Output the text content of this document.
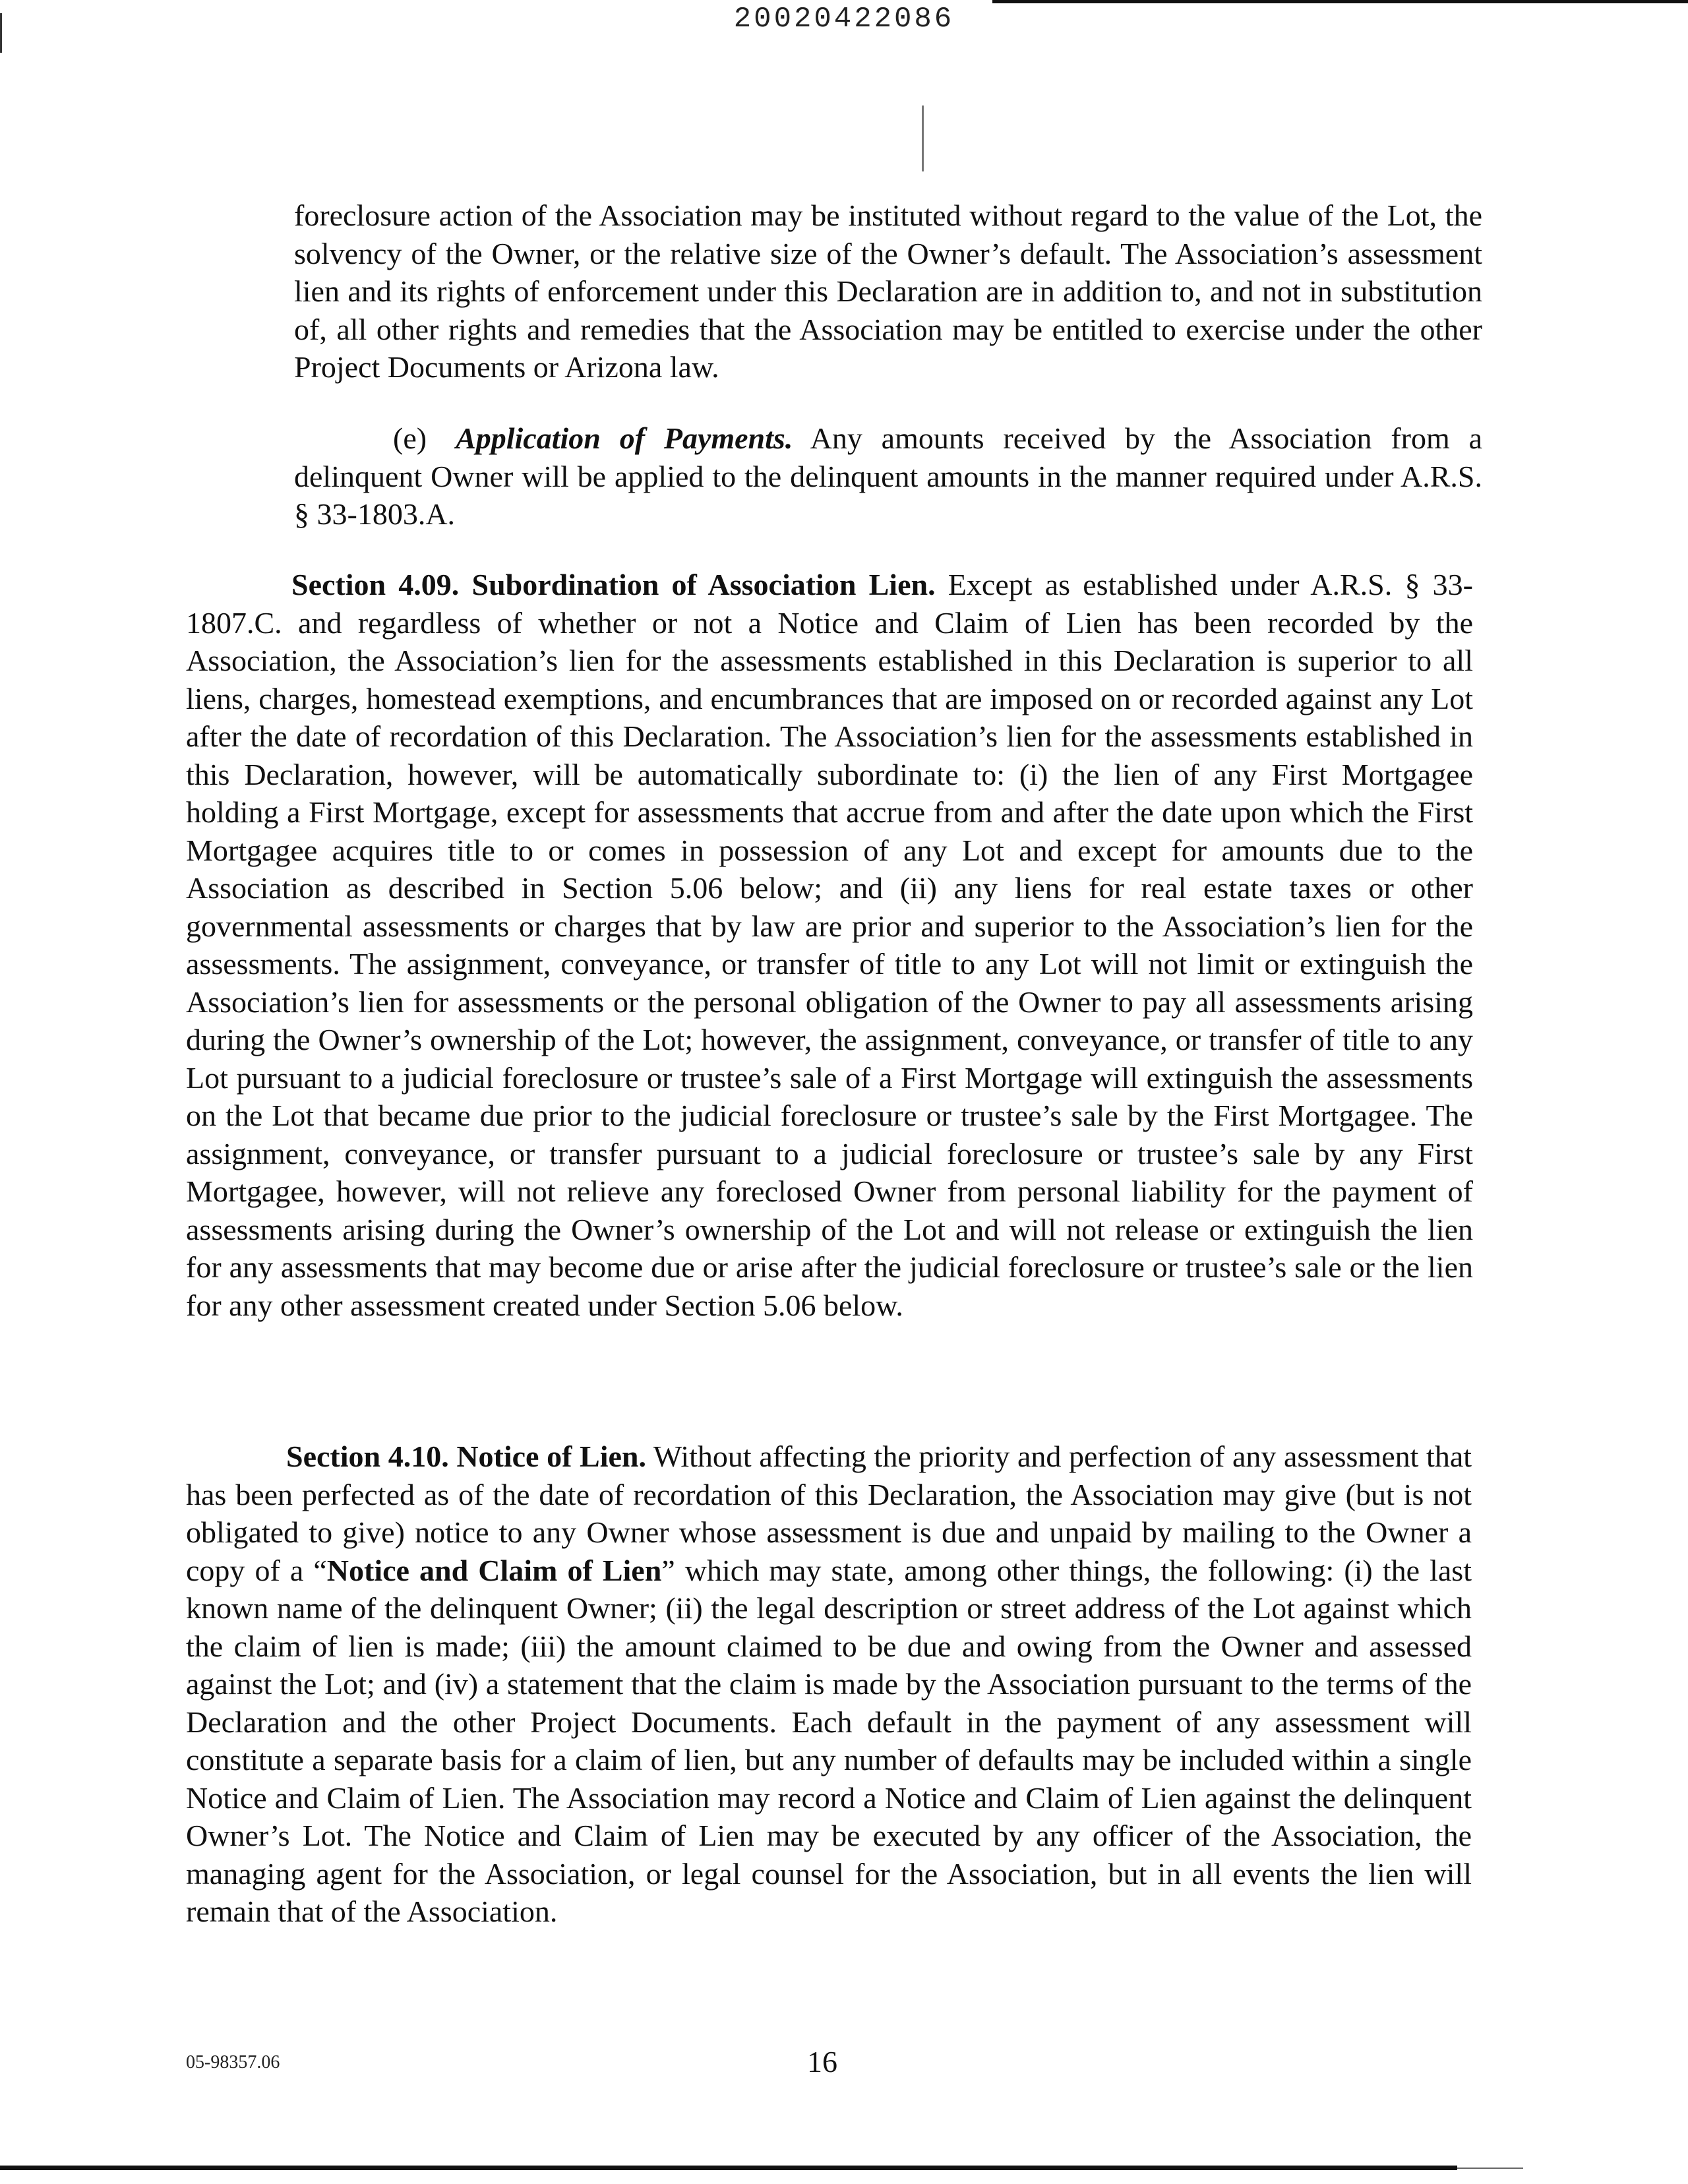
20020422086

foreclosure action of the Association may be instituted without regard to the value of the Lot, the solvency of the Owner, or the relative size of the Owner’s default. The Association’s assessment lien and its rights of enforcement under this Declaration are in addition to, and not in substitution of, all other rights and remedies that the Association may be entitled to exercise under the other Project Documents or Arizona law.

(e) Application of Payments. Any amounts received by the Association from a delinquent Owner will be applied to the delinquent amounts in the manner required under A.R.S. § 33-1803.A.

Section 4.09. Subordination of Association Lien. Except as established under A.R.S. § 33-1807.C. and regardless of whether or not a Notice and Claim of Lien has been recorded by the Association, the Association’s lien for the assessments established in this Declaration is superior to all liens, charges, homestead exemptions, and encumbrances that are imposed on or recorded against any Lot after the date of recordation of this Declaration. The Association’s lien for the assessments established in this Declaration, however, will be automatically subordinate to: (i) the lien of any First Mortgagee holding a First Mortgage, except for assessments that accrue from and after the date upon which the First Mortgagee acquires title to or comes in possession of any Lot and except for amounts due to the Association as described in Section 5.06 below; and (ii) any liens for real estate taxes or other governmental assessments or charges that by law are prior and superior to the Association’s lien for the assessments. The assignment, conveyance, or transfer of title to any Lot will not limit or extinguish the Association’s lien for assessments or the personal obligation of the Owner to pay all assessments arising during the Owner’s ownership of the Lot; however, the assignment, conveyance, or transfer of title to any Lot pursuant to a judicial foreclosure or trustee’s sale of a First Mortgage will extinguish the assessments on the Lot that became due prior to the judicial foreclosure or trustee’s sale by the First Mortgagee. The assignment, conveyance, or transfer pursuant to a judicial foreclosure or trustee’s sale by any First Mortgagee, however, will not relieve any foreclosed Owner from personal liability for the payment of assessments arising during the Owner’s ownership of the Lot and will not release or extinguish the lien for any assessments that may become due or arise after the judicial foreclosure or trustee’s sale or the lien for any other assessment created under Section 5.06 below.

Section 4.10. Notice of Lien. Without affecting the priority and perfection of any assessment that has been perfected as of the date of recordation of this Declaration, the Association may give (but is not obligated to give) notice to any Owner whose assessment is due and unpaid by mailing to the Owner a copy of a “Notice and Claim of Lien” which may state, among other things, the following: (i) the last known name of the delinquent Owner; (ii) the legal description or street address of the Lot against which the claim of lien is made; (iii) the amount claimed to be due and owing from the Owner and assessed against the Lot; and (iv) a statement that the claim is made by the Association pursuant to the terms of the Declaration and the other Project Documents. Each default in the payment of any assessment will constitute a separate basis for a claim of lien, but any number of defaults may be included within a single Notice and Claim of Lien. The Association may record a Notice and Claim of Lien against the delinquent Owner’s Lot. The Notice and Claim of Lien may be executed by any officer of the Association, the managing agent for the Association, or legal counsel for the Association, but in all events the lien will remain that of the Association.

05-98357.06	16
